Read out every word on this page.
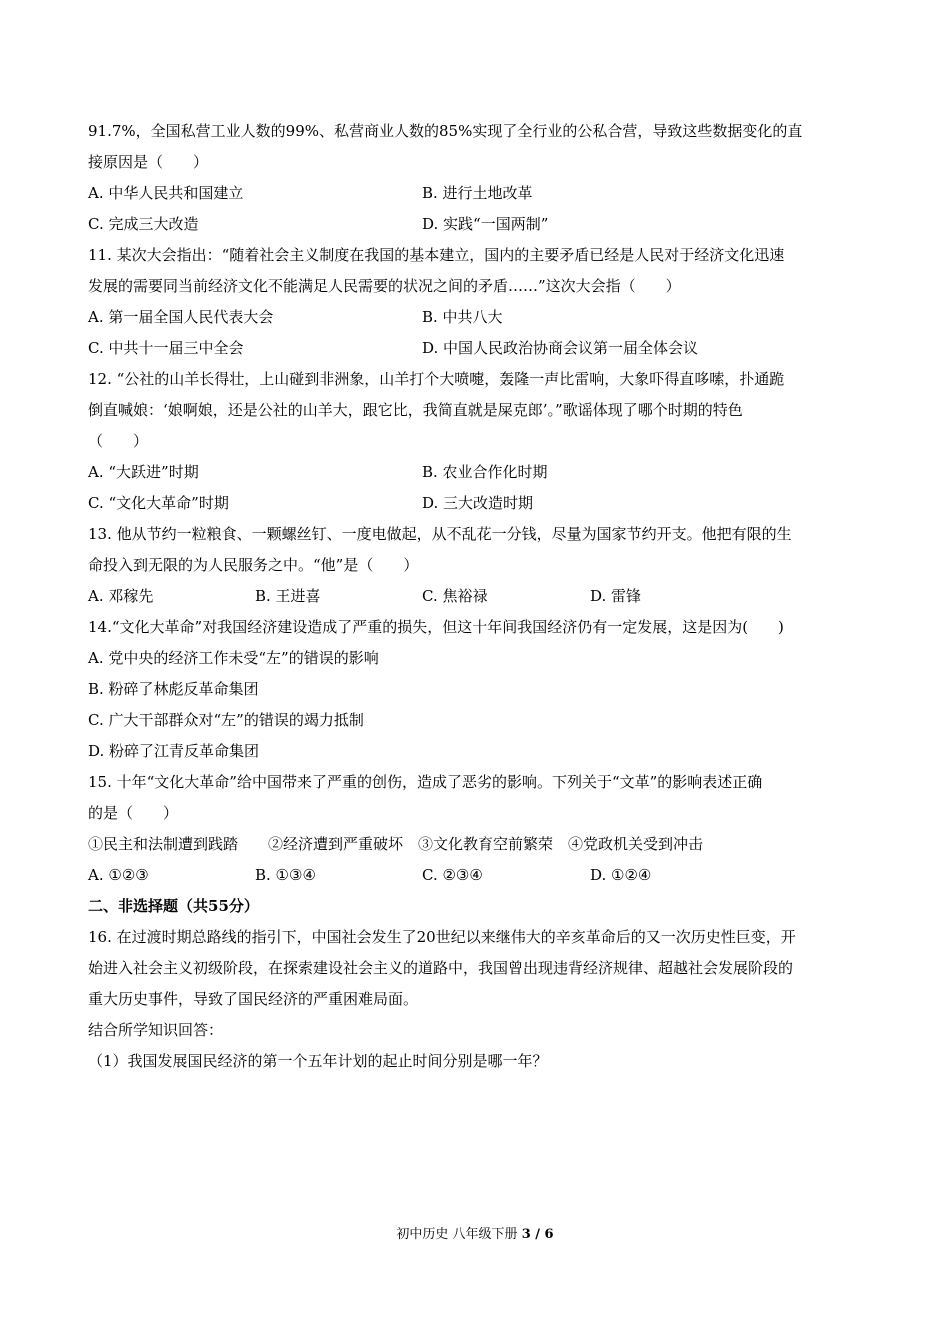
91.7%，全国私营工业人数的99%、私营商业人数的85%实现了全行业的公私合营，导致这些数据变化的直
接原因是（　　）
A. 中华人民共和国建立	B. 进行土地改革
C. 完成三大改造	D. 实践“一国两制”
11. 某次大会指出：“随着社会主义制度在我国的基本建立，国内的主要矛盾已经是人民对于经济文化迅速
发展的需要同当前经济文化不能满足人民需要的状况之间的矛盾……”这次大会指（　　）
A. 第一届全国人民代表大会	B. 中共八大
C. 中共十一届三中全会	D. 中国人民政治协商会议第一届全体会议
12. “公社的山羊长得壮，上山碰到非洲象，山羊打个大喷嚏，轰隆一声比雷响，大象吓得直哆嗦，扑通跪
倒直喊娘：‘娘啊娘，还是公社的山羊大，跟它比，我简直就是屎克郎’。”歌谣体现了哪个时期的特色
（　　）
A. “大跃进”时期	B. 农业合作化时期
C. “文化大革命”时期	D. 三大改造时期
13. 他从节约一粒粮食、一颗螺丝钉、一度电做起，从不乱花一分钱，尽量为国家节约开支。他把有限的生
命投入到无限的为人民服务之中。“他”是（　　）
A. 邓稼先	B. 王进喜	C. 焦裕禄	D. 雷锋
14.“文化大革命”对我国经济建设造成了严重的损失，但这十年间我国经济仍有一定发展，这是因为(　　)
A. 党中央的经济工作未受“左”的错误的影响
B. 粉碎了林彪反革命集团
C. 广大干部群众对“左”的错误的竭力抵制
D. 粉碎了江青反革命集团
15. 十年“文化大革命”给中国带来了严重的创伤，造成了恶劣的影响。下列关于“文革”的影响表述正确
的是（　　）
①民主和法制遭到践踏　　②经济遭到严重破坏　③文化教育空前繁荣　④党政机关受到冲击
A. ①②③	B. ①③④	C. ②③④	D. ①②④
二、非选择题（共55分）
16. 在过渡时期总路线的指引下，中国社会发生了20世纪以来继伟大的辛亥革命后的又一次历史性巨变，开
始进入社会主义初级阶段，在探索建设社会主义的道路中，我国曾出现违背经济规律、超越社会发展阶段的
重大历史事件，导致了国民经济的严重困难局面。
结合所学知识回答：
（1）我国发展国民经济的第一个五年计划的起止时间分别是哪一年？
初中历史 八年级下册 3 / 6
